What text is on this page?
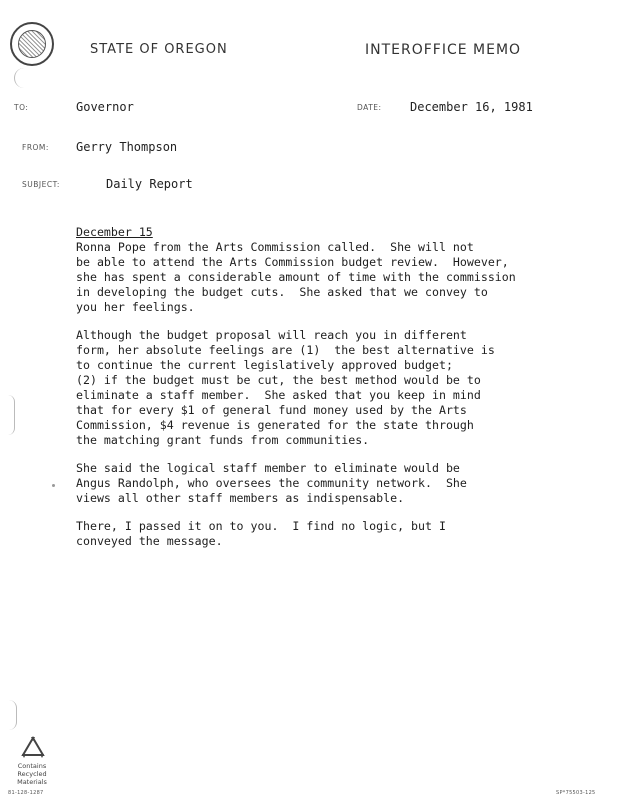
STATE OF OREGON	INTEROFFICE MEMO
TO:	Governor	DATE: December 16, 1981
FROM: Gerry Thompson
SUBJECT:	Daily Report
December 15
Ronna Pope from the Arts Commission called.  She will not
be able to attend the Arts Commission budget review.  However,
she has spent a considerable amount of time with the commission
in developing the budget cuts.  She asked that we convey to
you her feelings.
Although the budget proposal will reach you in different
form, her absolute feelings are (1)  the best alternative is
to continue the current legislatively approved budget;
(2) if the budget must be cut, the best method would be to
eliminate a staff member.  She asked that you keep in mind
that for every $1 of general fund money used by the Arts
Commission, $4 revenue is generated for the state through
the matching grant funds from communities.
She said the logical staff member to eliminate would be
Angus Randolph, who oversees the community network.  She
views all other staff members as indispensable.
There, I passed it on to you.  I find no logic, but I
conveyed the message.
Contains
Recycled
Materials
81-128-1287	SP*75503-125
